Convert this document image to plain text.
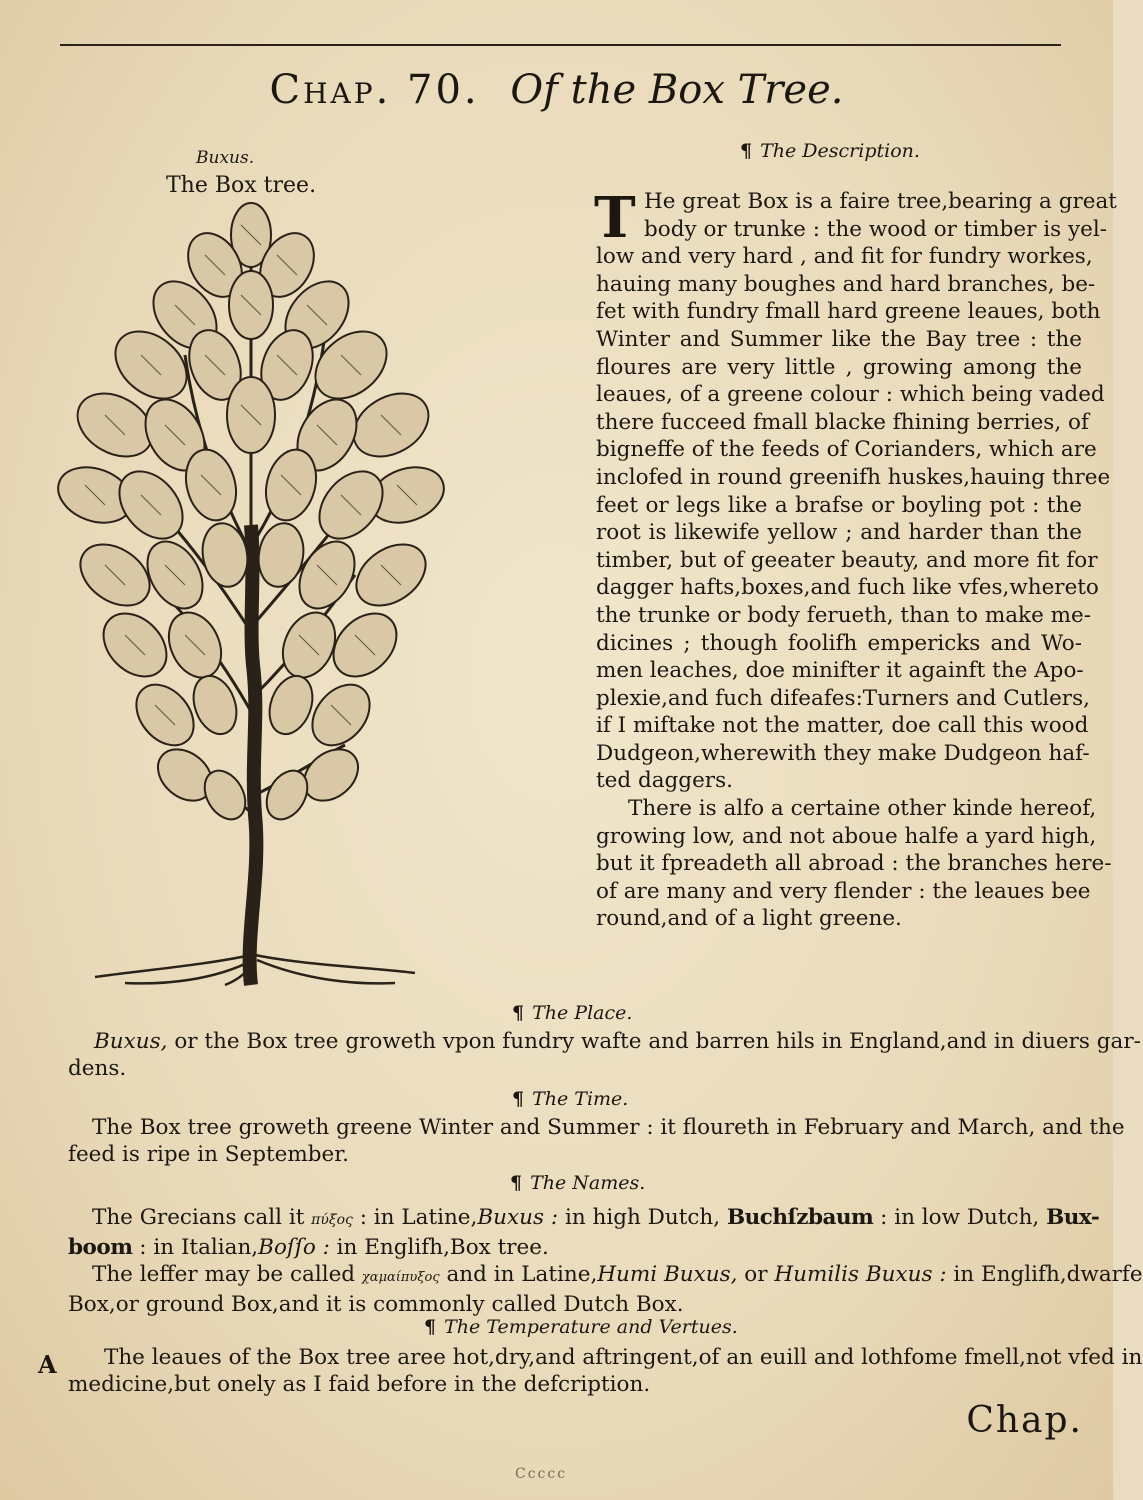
Chap. 70. Of the Box Tree.
Buxus.
The Box tree.
¶ The Description.
T He great Box is a faire tree,bearing a great
body or trunke : the wood or timber is yel-
low and very hard , and fit for fundry workes,
hauing many boughes and hard branches, be-
fet with fundry fmall hard greene leaues, both
Winter and Summer like the Bay tree : the
floures are very little , growing among the
leaues, of a greene colour : which being vaded
there fucceed fmall blacke fhining berries, of
bigneffe of the feeds of Corianders, which are
inclofed in round greenifh huskes,hauing three
feet or legs like a brafse or boyling pot : the
root is likewife yellow ; and harder than the
timber, but of geeater beauty, and more fit for
dagger hafts,boxes,and fuch like vfes,whereto
the trunke or body ferueth, than to make me-
dicines ; though foolifh empericks and Wo-
men leaches, doe minifter it againft the Apo-
plexie,and fuch difeafes:Turners and Cutlers,
if I miftake not the matter, doe call this wood
Dudgeon,wherewith they make Dudgeon haf-
ted daggers.
There is alfo a certaine other kinde hereof,
growing low, and not aboue halfe a yard high,
but it fpreadeth all abroad : the branches here-
of are many and very flender : the leaues bee
round,and of a light greene.
¶ The Place.
Buxus, or the Box tree groweth vpon fundry wafte and barren hils in England,and in diuers gar-
dens.
¶ The Time.
The Box tree groweth greene Winter and Summer : it floureth in February and March, and the
feed is ripe in September.
¶ The Names.
The Grecians call it πύξος : in Latine,Buxus : in high Dutch, Buchſzbaum : in low Dutch, Bux-
boom : in Italian,Boſſo : in Englifh,Box tree.
The leffer may be called χαμαίπυξος and in Latine,Humi Buxus, or Humilis Buxus : in Englifh,dwarfe
Box,or ground Box,and it is commonly called Dutch Box.
¶ The Temperature and Vertues.
A	The leaues of the Box tree aree hot,dry,and aftringent,of an euill and lothfome fmell,not vfed in
medicine,but onely as I faid before in the defcription.
Chap.
Ccccc
